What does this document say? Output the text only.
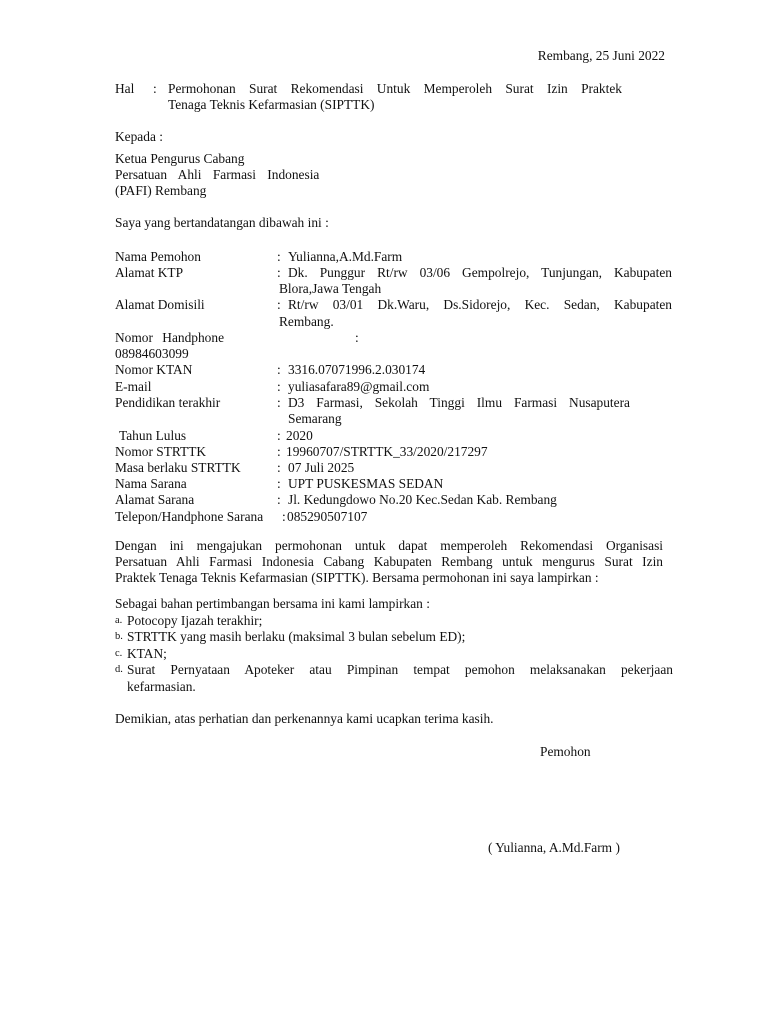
Rembang, 25 Juni 2022
Hal : Permohonan Surat Rekomendasi Untuk Memperoleh Surat Izin Praktek
Tenaga Teknis Kefarmasian (SIPTTK)
Kepada :
Ketua Pengurus Cabang
Persatuan Ahli Farmasi Indonesia
(PAFI) Rembang
Saya yang bertandatangan dibawah ini :
Nama Pemohon	: Yulianna,A.Md.Farm
Alamat KTP	: Dk. Punggur Rt/rw 03/06 Gempolrejo, Tunjungan, Kabupaten
Blora,Jawa Tengah
Alamat Domisili	: Rt/rw 03/01 Dk.Waru, Ds.Sidorejo, Kec. Sedan, Kabupaten
Rembang.
Nomor Handphone	:
08984603099
Nomor KTAN	: 3316.07071996.2.030174
E-mail	: yuliasafara89@gmail.com
Pendidikan terakhir	: D3 Farmasi, Sekolah Tinggi Ilmu Farmasi Nusaputera
Semarang
Tahun Lulus	: 2020
Nomor STRTTK	: 19960707/STRTTK_33/2020/217297
Masa berlaku STRTTK	: 07 Juli 2025
Nama Sarana	: UPT PUSKESMAS SEDAN
Alamat Sarana	: Jl. Kedungdowo No.20 Kec.Sedan Kab. Rembang
Telepon/Handphone Sarana : 085290507107
Dengan ini mengajukan permohonan untuk dapat memperoleh Rekomendasi Organisasi
Persatuan Ahli Farmasi Indonesia Cabang Kabupaten Rembang untuk mengurus Surat Izin
Praktek Tenaga Teknis Kefarmasian (SIPTTK). Bersama permohonan ini saya lampirkan :
Sebagai bahan pertimbangan bersama ini kami lampirkan :
a. Potocopy Ijazah terakhir;
b. STRTTK yang masih berlaku (maksimal 3 bulan sebelum ED);
c. KTAN;
d. Surat Pernyataan Apoteker atau Pimpinan tempat pemohon melaksanakan pekerjaan
kefarmasian.
Demikian, atas perhatian dan perkenannya kami ucapkan terima kasih.
Pemohon
( Yulianna, A.Md.Farm )
